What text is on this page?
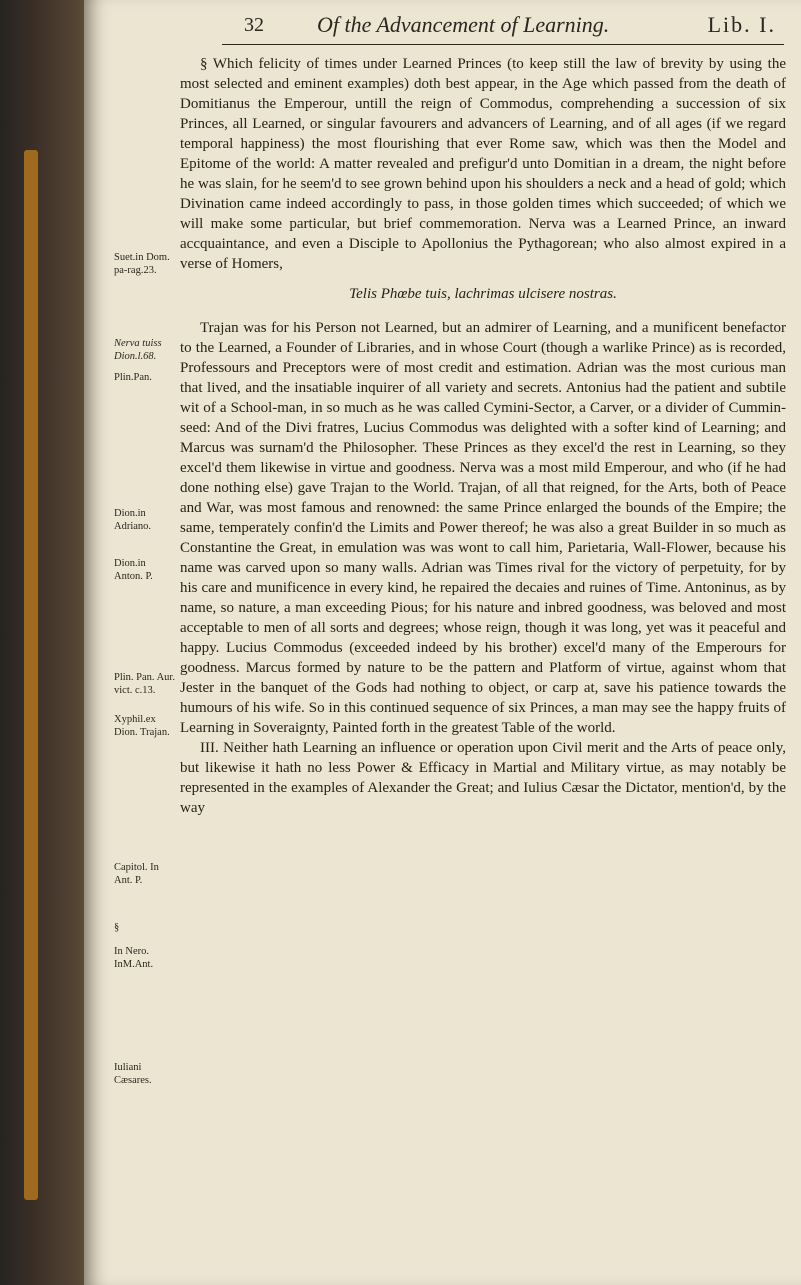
32 Of the Advancement of Learning.	Lib. I.
Suet.in Dom. pa-rag.23.
Nerva tuiss Dion.l.68.
Plin.Pan.
Dion.in Adriano.
Dion.in Anton. P.
Plin. Pan. Aur. vict. c.13.
Xyphil.ex Dion. Trajan.
Capitol. In Ant. P.
§
In Nero. InM.Ant.
Iuliani Cæsares.

§ Which felicity of times under Learned Princes (to keep still the law of brevity by using the most selected and eminent examples) doth best appear, in the Age which passed from the death of Domitianus the Emperour, untill the reign of Commodus, comprehending a succession of six Princes, all Learned, or singular favourers and advancers of Learning, and of all ages (if we regard temporal happiness) the most flourishing that ever Rome saw, which was then the Model and Epitome of the world: A matter revealed and prefigur'd unto Domitian in a dream, the night before he was slain, for he seem'd to see grown behind upon his shoulders a neck and a head of gold; which Divination came indeed accordingly to pass, in those golden times which succeeded; of which we will make some particular, but brief commemoration. Nerva was a Learned Prince, an inward accquaintance, and even a Disciple to Apollonius the Pythagorean; who also almost expired in a verse of Homers,

Telis Phœbe tuis, lachrimas ulcisere nostras.

Trajan was for his Person not Learned, but an admirer of Learning, and a munificent benefactor to the Learned, a Founder of Libraries, and in whose Court (though a warlike Prince) as is recorded, Professours and Preceptors were of most credit and estimation. Adrian was the most curious man that lived, and the insatiable inquirer of all variety and secrets. Antonius had the patient and subtile wit of a School-man, in so much as he was called Cymini-Sector, a Carver, or a divider of Cummin-seed: And of the Divi fratres, Lucius Commodus was delighted with a softer kind of Learning; and Marcus was surnam'd the Philosopher. These Princes as they excel'd the rest in Learning, so they excel'd them likewise in virtue and goodness. Nerva was a most mild Emperour, and who (if he had done nothing else) gave Trajan to the World. Trajan, of all that reigned, for the Arts, both of Peace and War, was most famous and renowned: the same Prince enlarged the bounds of the Empire; the same, temperately confin'd the Limits and Power thereof; he was also a great Builder in so much as Constantine the Great, in emulation was was wont to call him, Parietaria, Wall-Flower, because his name was carved upon so many walls. Adrian was Times rival for the victory of perpetuity, for by his care and munificence in every kind, he repaired the decaies and ruines of Time. Antoninus, as by name, so nature, a man exceeding Pious; for his nature and inbred goodness, was beloved and most acceptable to men of all sorts and degrees; whose reign, though it was long, yet was it peaceful and happy. Lucius Commodus (exceeded indeed by his brother) excel'd many of the Emperours for goodness. Marcus formed by nature to be the pattern and Platform of virtue, against whom that Jester in the banquet of the Gods had nothing to object, or carp at, save his patience towards the humours of his wife. So in this continued sequence of six Princes, a man may see the happy fruits of Learning in Soveraignty, Painted forth in the greatest Table of the world.

III. Neither hath Learning an influence or operation upon Civil merit and the Arts of peace only, but likewise it hath no less Power & Efficacy in Martial and Military virtue, as may notably be represented in the examples of Alexander the Great; and Iulius Cæsar the Dictator, mention'd, by the way
